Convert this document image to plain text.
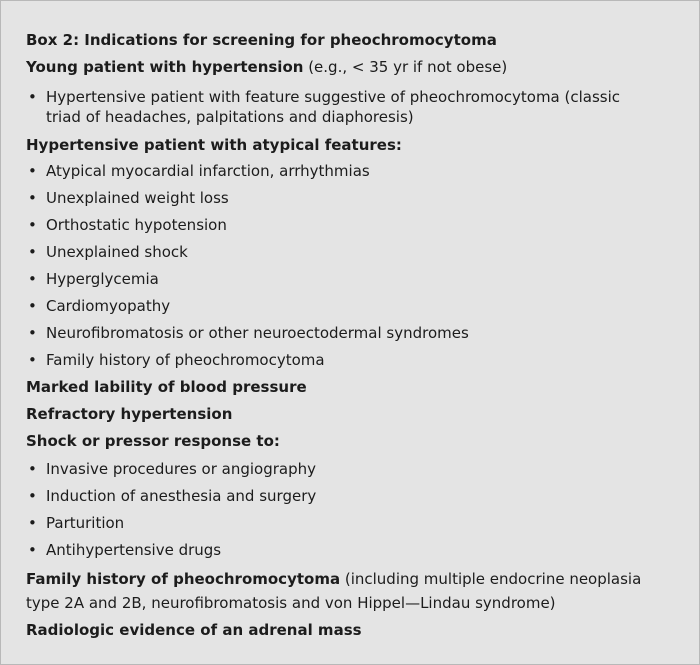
Box 2: Indications for screening for pheochromocytoma
Young patient with hypertension (e.g., < 35 yr if not obese)
• Hypertensive patient with feature suggestive of pheochromocytoma (classic
triad of headaches, palpitations and diaphoresis)
Hypertensive patient with atypical features:
• Atypical myocardial infarction, arrhythmias
• Unexplained weight loss
• Orthostatic hypotension
• Unexplained shock
• Hyperglycemia
• Cardiomyopathy
• Neurofibromatosis or other neuroectodermal syndromes
• Family history of pheochromocytoma
Marked lability of blood pressure
Refractory hypertension
Shock or pressor response to:
• Invasive procedures or angiography
• Induction of anesthesia and surgery
• Parturition
• Antihypertensive drugs
Family history of pheochromocytoma (including multiple endocrine neoplasia
type 2A and 2B, neurofibromatosis and von Hippel—Lindau syndrome)
Radiologic evidence of an adrenal mass
